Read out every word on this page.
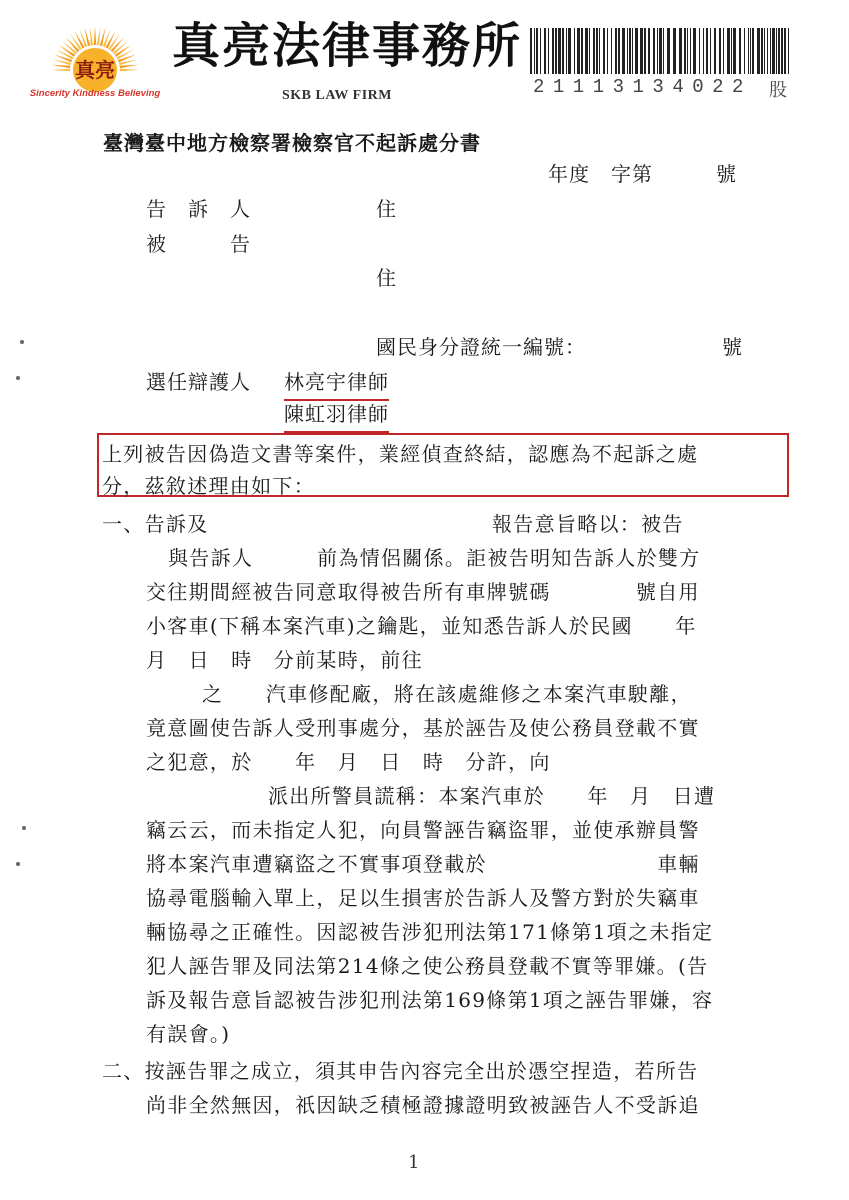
真亮
Sincerity Kindness Believing
真亮法律事務所
SKB LAW FIRM	21113134022 股
臺灣臺中地方檢察署檢察官不起訴處分書
年度　字第　　　號
告　訴　人	住
被　　　告
住
國民身分證統一編號：	號
選任辯護人 林亮宇律師
陳虹羽律師
上列被告因偽造文書等案件，業經偵查終結，認應為不起訴之處
分，茲敘述理由如下：
一、告訴及	報告意旨略以：被告
與告訴人　　　前為情侶關係。詎被告明知告訴人於雙方
交往期間經被告同意取得被告所有車牌號碼　　　　號自用
小客車(下稱本案汽車)之鑰匙，並知悉告訴人於民國　　年
月　日　時　分前某時，前往
之　　汽車修配廠，將在該處維修之本案汽車駛離，
竟意圖使告訴人受刑事處分，基於誣告及使公務員登載不實
之犯意，於　　年　月　日　時　分許，向
派出所警員謊稱：本案汽車於　　年　月　日遭
竊云云，而未指定人犯，向員警誣告竊盜罪，並使承辦員警
將本案汽車遭竊盜之不實事項登載於　　　　　　　　車輛
協尋電腦輸入單上，足以生損害於告訴人及警方對於失竊車
輛協尋之正確性。因認被告涉犯刑法第171條第1項之未指定
犯人誣告罪及同法第214條之使公務員登載不實等罪嫌。(告
訴及報告意旨認被告涉犯刑法第169條第1項之誣告罪嫌，容
有誤會。)
二、按誣告罪之成立，須其申告內容完全出於憑空捏造，若所告
尚非全然無因，祇因缺乏積極證據證明致被誣告人不受訴追
1
